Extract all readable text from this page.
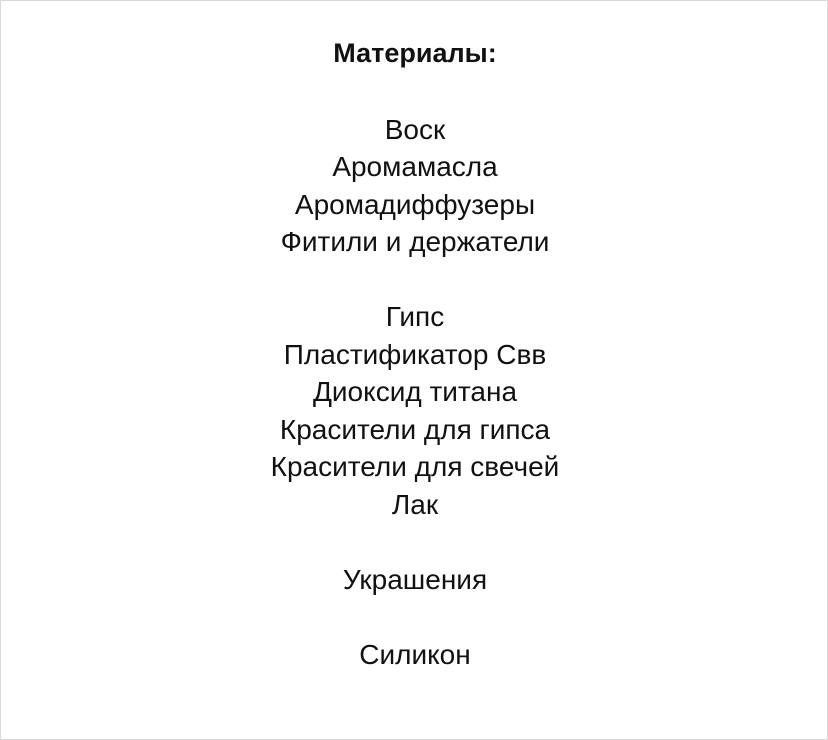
Материалы:
Воск
Аромамасла
Аромадиффузеры
Фитили и держатели
Гипс
Пластификатор Свв
Диоксид титана
Красители для гипса
Красители для свечей
Лак
Украшения
Силикон
